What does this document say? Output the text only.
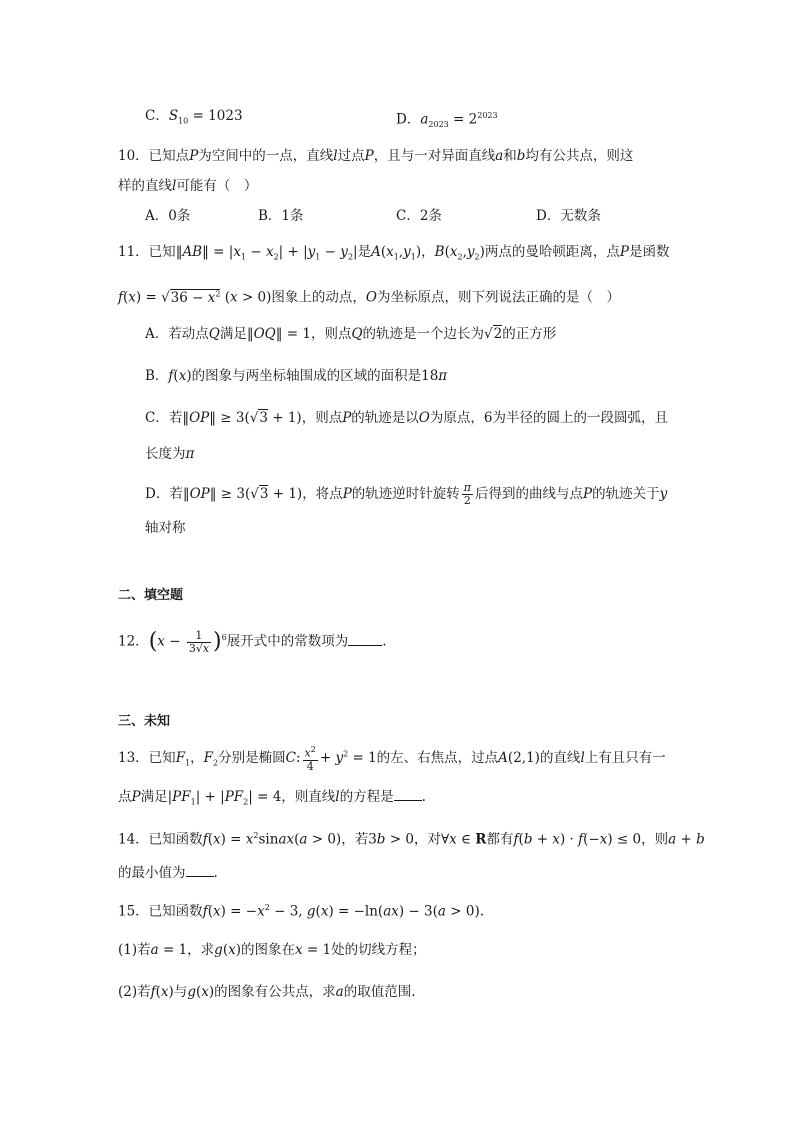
C．$S_{10} = 1023$	D．$a_{2023} = 2^{2023}$
10．已知点P为空间中的一点，直线l过点P，且与一对异面直线a和b均有公共点，则这
样的直线l可能有（　）
A．0条	B．1条	C．2条	D．无数条
11．已知‖AB‖ = $|x_1 - x_2| + |y_1 - y_2|$是$A(x_1,y_1)$，$B(x_2,y_2)$两点的曼哈顿距离，点P是函数
$f(x) = √36 - x^2$ (x > 0)图象上的动点，O为坐标原点，则下列说法正确的是（　）
A．若动点Q满足‖OQ‖ = 1，则点Q的轨迹是一个边长为√2的正方形
B．f(x)的图象与两坐标轴围成的区域的面积是18π
C．若‖OP‖ ≥ 3(√3 + 1)，则点P的轨迹是以O为原点，6为半径的圆上的一段圆弧，且
长度为π
D．若‖OP‖ ≥ 3(√3 + 1)，将点P的轨迹逆时针旋转 $\frac{\pi}{2}$ 后得到的曲线与点P的轨迹关于y
轴对称
二、填空题
12．$(x - \frac{1}{3√x} )^6$展开式中的常数项为	.
三、未知
13．已知$F_1$，$F_2$分别是椭圆C: $\frac{x^2}{4} + y^2 = 1$的左、右焦点，过点A(2,1)的直线l上有且只有一
点P满足$|PF_1| + |PF_2| = 4$，则直线l的方程是 .
14．已知函数$f(x) = x^2sinax(a > 0)$，若3b > 0，对∀x ∈ R都有f(b + x) · f(−x) ≤ 0，则a + b
的最小值为 .
15．已知函数$f(x) = -x^2 - 3$, g(x) = −ln(ax) − 3(a > 0).
(1)若a = 1，求g(x)的图象在x = 1处的切线方程；
(2)若f(x)与g(x)的图象有公共点，求a的取值范围.
